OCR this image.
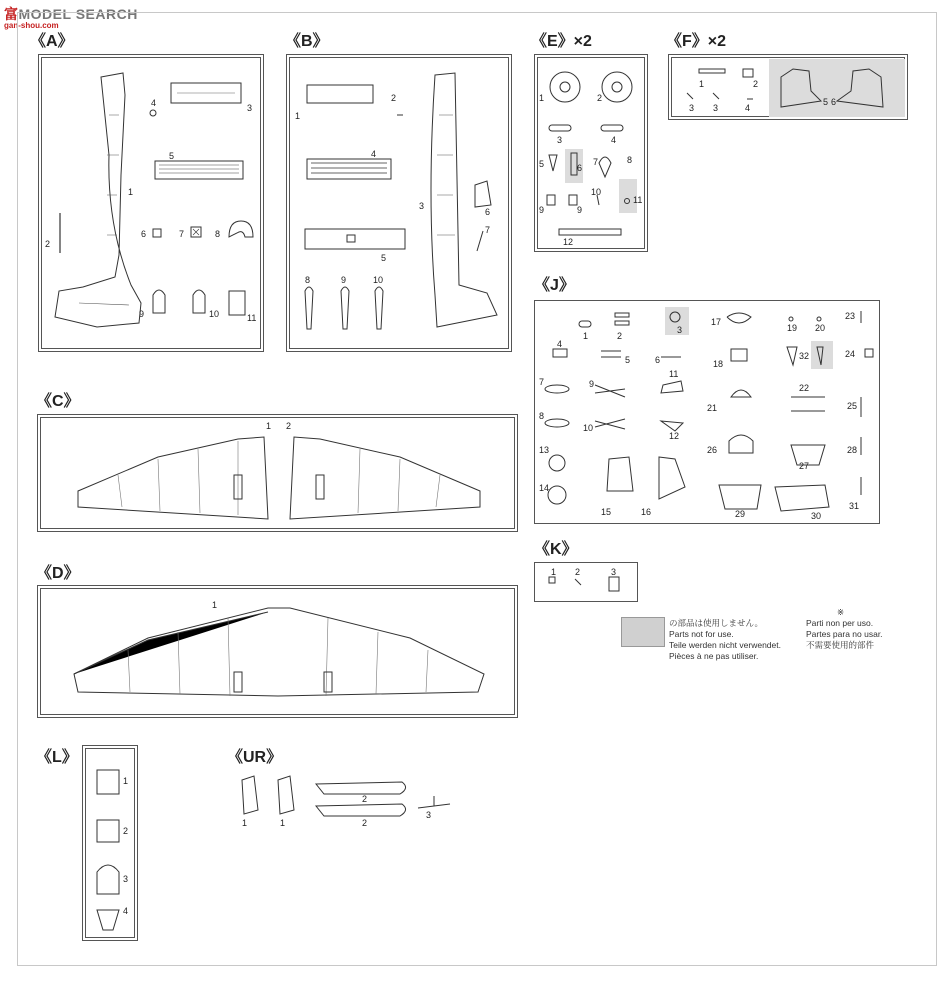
富MODEL SEARCH
gan-shou.com
《A》
1
2
3
4
5
6	7	8
9	10	11
《B》
1
2
3
4
5
6
7
8	9	10
《E》×2
1	2
3	4
5	6
7	8
9	9
10
11
12
《F》×2
1	2
3 3	4
5 6
《J》
1	2
3
4
5	6
7
8
9
10
11
12
13
14
15	16
17
18
19 20
21
22
23
24
25
26
27
28
29	30
31
32
《C》
1 2
《K》
1 2	3
※
の部品は使用しません。
Parts not for use.
Teile werden nicht verwendet.
Pièces à ne pas utiliser.
Parti non per uso.
Partes para no usar.
不需要使用的部件
《D》
1
《L》
1
2
3
4
《UR》
1	1
2
2
3
